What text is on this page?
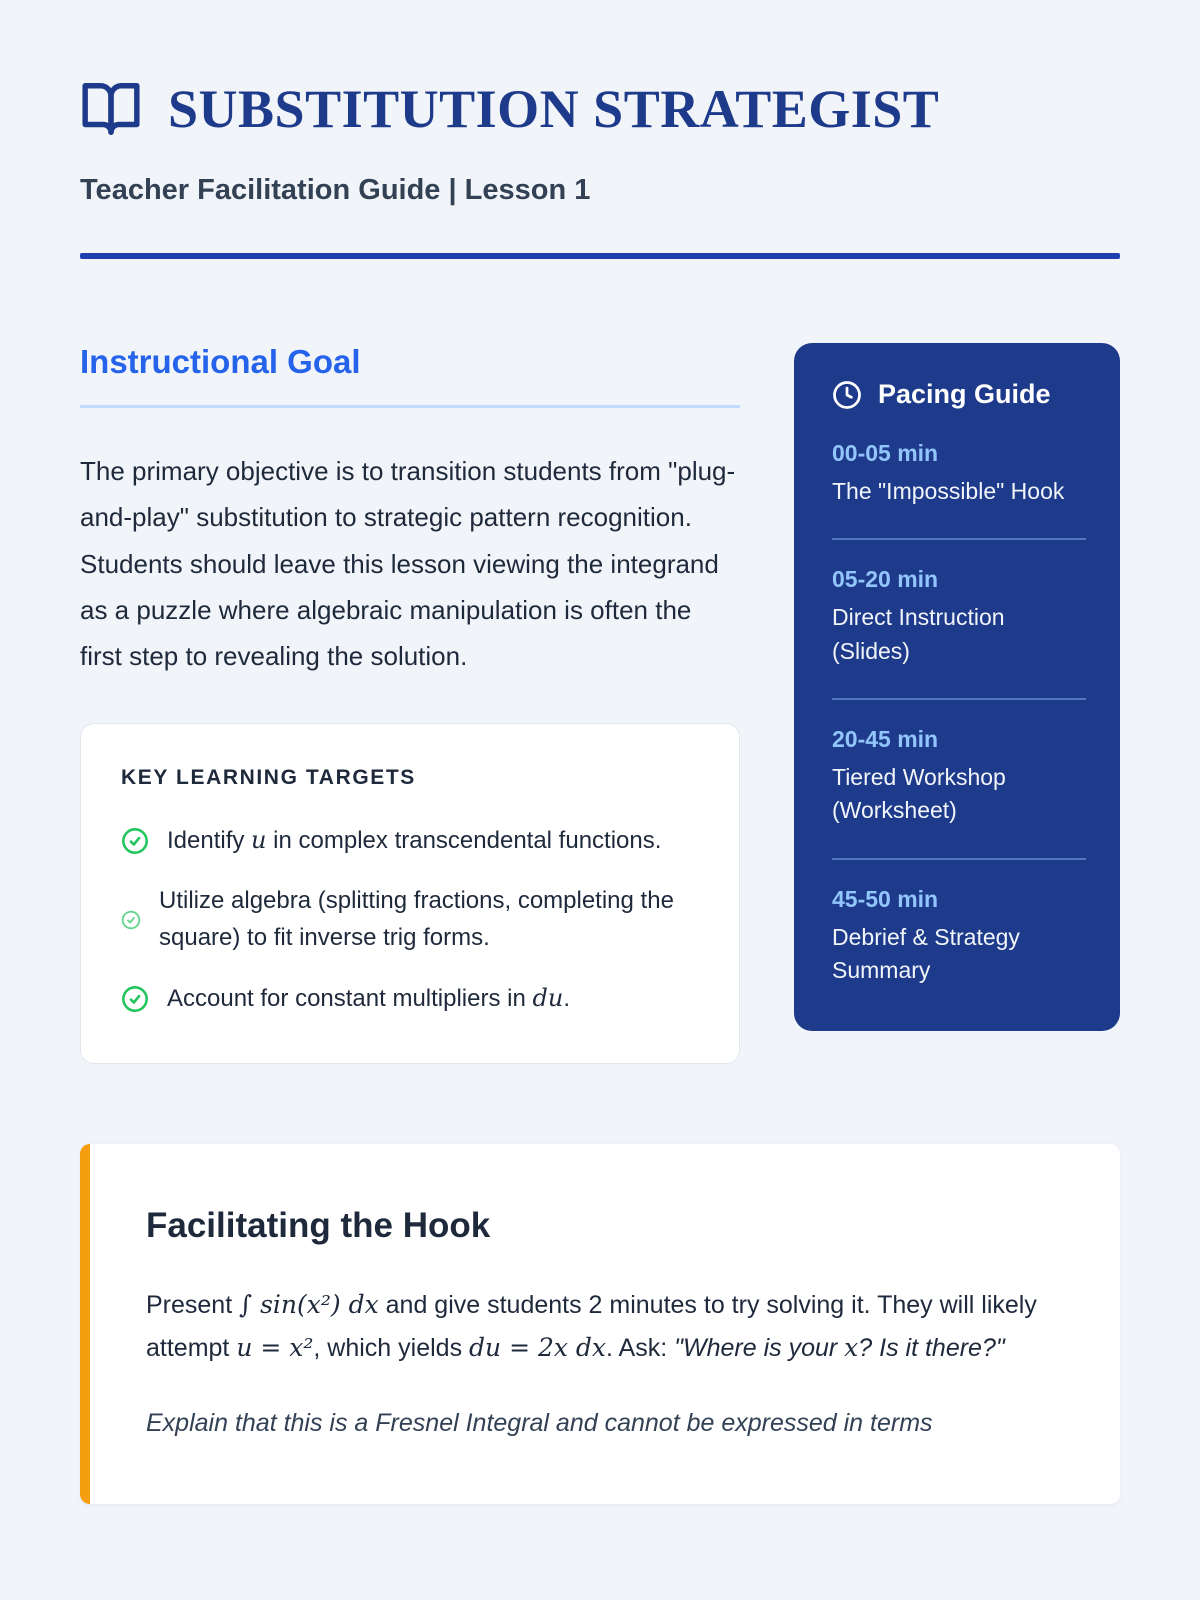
SUBSTITUTION STRATEGIST
Teacher Facilitation Guide | Lesson 1
Instructional Goal

The primary objective is to transition students from "plug-and-play" substitution to strategic pattern recognition. Students should leave this lesson viewing the integrand as a puzzle where algebraic manipulation is often the first step to revealing the solution.

KEY LEARNING TARGETS
Identify u in complex transcendental functions.
Utilize algebra (splitting fractions, completing the square) to fit inverse trig forms.
Account for constant multipliers in du.
Pacing Guide
00-05 min
The "Impossible" Hook
05-20 min
Direct Instruction (Slides)
20-45 min
Tiered Workshop (Worksheet)
45-50 min
Debrief & Strategy Summary
Facilitating the Hook

Present ∫ sin(x²) dx and give students 2 minutes to try solving it. They will likely attempt u = x², which yields du = 2x dx. Ask: "Where is your x? Is it there?"

Explain that this is a Fresnel Integral and cannot be expressed in terms
